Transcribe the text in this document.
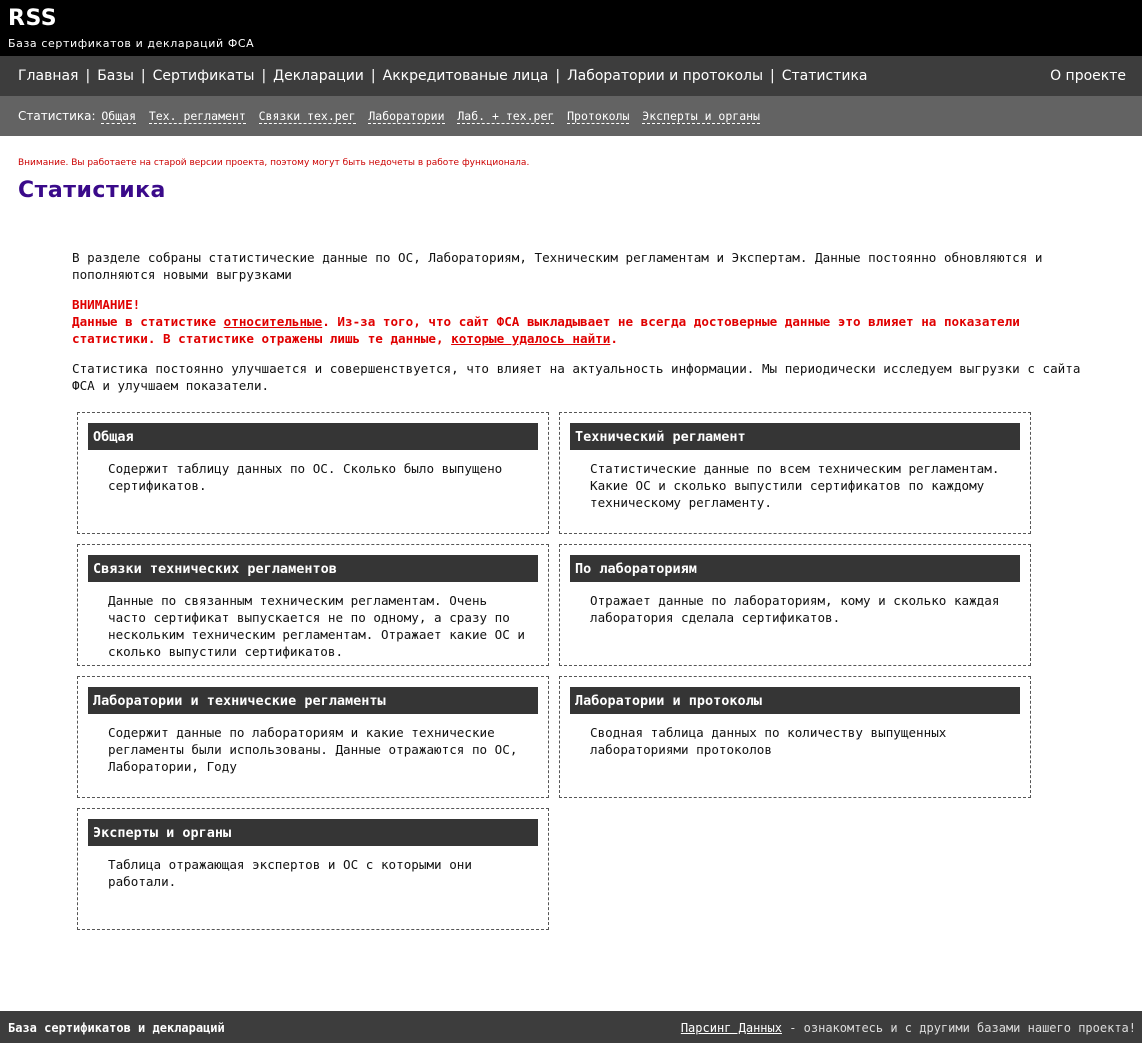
RSS
База сертификатов и деклараций ФСА
Главная | Базы | Сертификаты | Декларации | Аккредитованые лица | Лаборатории и протоколы | Статистика	О проекте
Статистика: Общая Тех. регламент Связки тех.рег Лаборатории Лаб. + тех.рег Протоколы Эксперты и органы
Внимание. Вы работаете на старой версии проекта, поэтому могут быть недочеты в работе функционала.
Статистика

В разделе собраны статистические данные по ОС, Лабораториям, Техническим регламентам и Экспертам. Данные постоянно обновляются и пополняются новыми выгрузками

ВНИМАНИЕ!
Данные в статистике относительные. Из-за того, что сайт ФСА выкладывает не всегда достоверные данные это влияет на показатели статистики. В статистике отражены лишь те данные, которые удалось найти.

Статистика постоянно улучшается и совершенствуется, что влияет на актуальность информации. Мы периодически исследуем выгрузки с сайта ФСА и улучшаем показатели.

Общая
Содержит таблицу данных по ОС. Сколько было выпущено сертификатов.
Технический регламент
Статистические данные по всем техническим регламентам. Какие ОС и сколько выпустили сертификатов по каждому техническому регламенту.
Связки технических регламентов
Данные по связанным техническим регламентам. Очень часто сертификат выпускается не по одному, а сразу по нескольким техническим регламентам. Отражает какие ОС и сколько выпустили сертификатов.
По лабораториям
Отражает данные по лабораториям, кому и сколько каждая лаборатория сделала сертификатов.
Лаборатории и технические регламенты
Содержит данные по лабораториям и какие технические регламенты были использованы. Данные отражаются по ОС, Лаборатории, Году
Лаборатории и протоколы
Сводная таблица данных по количеству выпущенных лабораториями протоколов
Эксперты и органы
Таблица отражающая экспертов и ОС с которыми они работали.
База сертификатов и деклараций	Парсинг Данных - ознакомтесь и с другими базами нашего проекта!
